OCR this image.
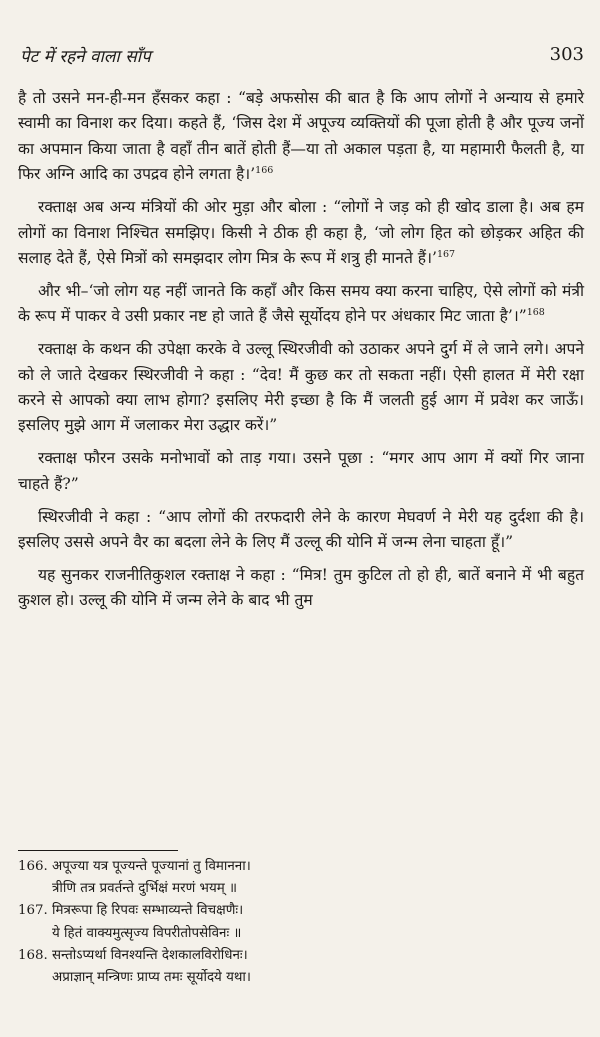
पेट में रहने वाला साँप	303

है तो उसने मन-ही-मन हँसकर कहा : “बड़े अफसोस की बात है कि आप लोगों ने अन्याय से हमारे स्वामी का विनाश कर दिया। कहते हैं, ‘जिस देश में अपूज्य व्यक्तियों की पूजा होती है और पूज्य जनों का अपमान किया जाता है वहाँ तीन बातें होती हैं—या तो अकाल पड़ता है, या महामारी फैलती है, या फिर अग्नि आदि का उपद्रव होने लगता है।’$^{166}$

रक्ताक्ष अब अन्य मंत्रियों की ओर मुड़ा और बोला : “लोगों ने जड़ को ही खोद डाला है। अब हम लोगों का विनाश निश्चित समझिए। किसी ने ठीक ही कहा है, ‘जो लोग हित को छोड़कर अहित की सलाह देते हैं, ऐसे मित्रों को समझदार लोग मित्र के रूप में शत्रु ही मानते हैं।’$^{167}$

और भी–‘जो लोग यह नहीं जानते कि कहाँ और किस समय क्या करना चाहिए, ऐसे लोगों को मंत्री के रूप में पाकर वे उसी प्रकार नष्ट हो जाते हैं जैसे सूर्योदय होने पर अंधकार मिट जाता है’।”$^{168}$

रक्ताक्ष के कथन की उपेक्षा करके वे उल्लू स्थिरजीवी को उठाकर अपने दुर्ग में ले जाने लगे। अपने को ले जाते देखकर स्थिरजीवी ने कहा : “देव! मैं कुछ कर तो सकता नहीं। ऐसी हालत में मेरी रक्षा करने से आपको क्या लाभ होगा? इसलिए मेरी इच्छा है कि मैं जलती हुई आग में प्रवेश कर जाऊँ। इसलिए मुझे आग में जलाकर मेरा उद्धार करें।”

रक्ताक्ष फौरन उसके मनोभावों को ताड़ गया। उसने पूछा : “मगर आप आग में क्यों गिर जाना चाहते हैं?”

स्थिरजीवी ने कहा : “आप लोगों की तरफदारी लेने के कारण मेघवर्ण ने मेरी यह दुर्दशा की है। इसलिए उससे अपने वैर का बदला लेने के लिए मैं उल्लू की योनि में जन्म लेना चाहता हूँ।”

यह सुनकर राजनीतिकुशल रक्ताक्ष ने कहा : “मित्र! तुम कुटिल तो हो ही, बातें बनाने में भी बहुत कुशल हो। उल्लू की योनि में जन्म लेने के बाद भी तुम

166. अपूज्या यत्र पूज्यन्ते पूज्यानां तु विमानना।
त्रीणि तत्र प्रवर्तन्ते दुर्भिक्षं मरणं भयम् ॥
167. मित्ररूपा हि रिपवः सम्भाव्यन्ते विचक्षणैः।
ये हितं वाक्यमुत्सृज्य विपरीतोपसेविनः ॥
168. सन्तोऽप्यर्था विनश्यन्ति देशकालविरोधिनः।
अप्राज्ञान् मन्त्रिणः प्राप्य तमः सूर्योदये यथा।
